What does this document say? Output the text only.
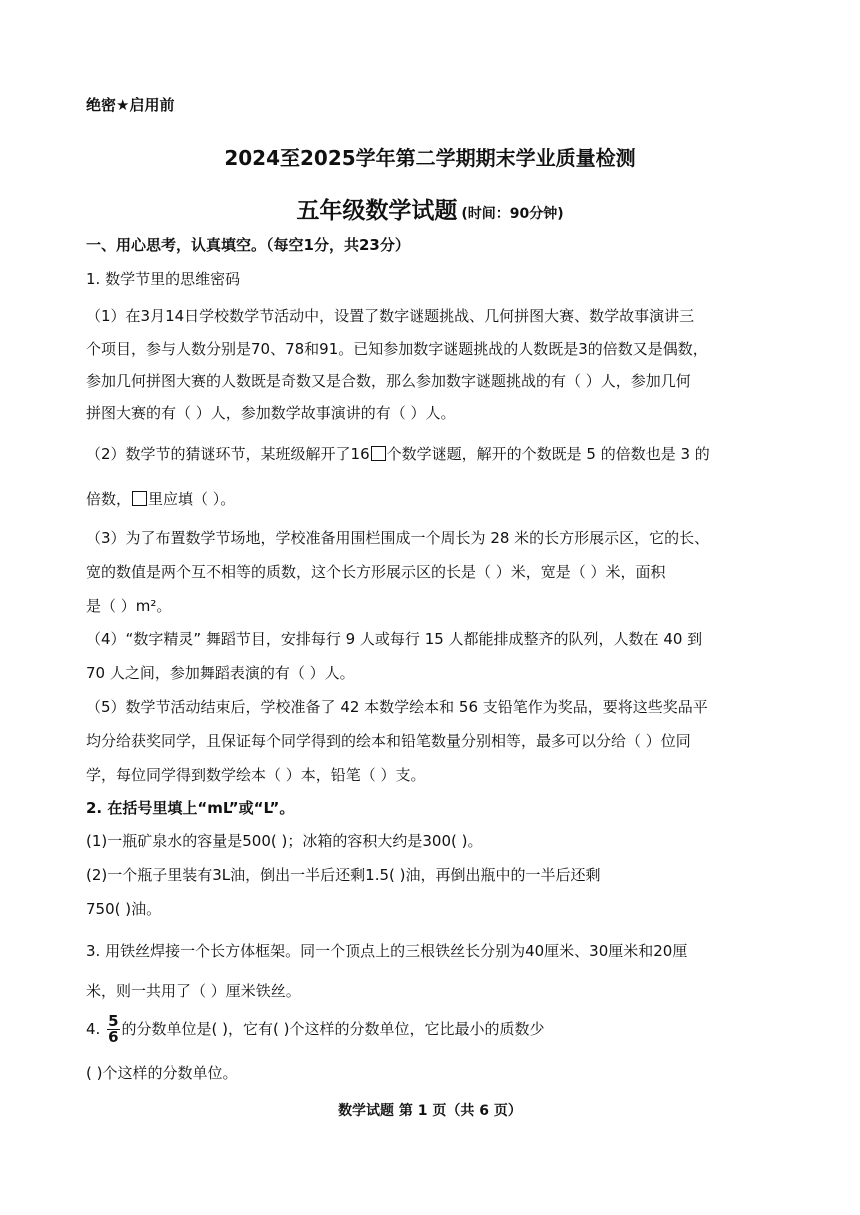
绝密★启用前
2024至2025学年第二学期期末学业质量检测
五年级数学试题 (时间：90分钟)
一、用心思考，认真填空。（每空1分，共23分）
1. 数学节里的思维密码
（1）在3月14日学校数学节活动中，设置了数字谜题挑战、几何拼图大赛、数学故事演讲三
个项目，参与人数分别是70、78和91。已知参加数字谜题挑战的人数既是3的倍数又是偶数，
参加几何拼图大赛的人数既是奇数又是合数，那么参加数字谜题挑战的有（ ）人，参加几何
拼图大赛的有（ ）人，参加数学故事演讲的有（ ）人。
（2）数学节的猜谜环节，某班级解开了16 个数学谜题，解开的个数既是 5 的倍数也是 3 的
倍数， 里应填（ ）。
（3）为了布置数学节场地，学校准备用围栏围成一个周长为 28 米的长方形展示区，它的长、
宽的数值是两个互不相等的质数，这个长方形展示区的长是（ ）米，宽是（ ）米，面积
是（ ）m²。
（4）“数字精灵” 舞蹈节目，安排每行 9 人或每行 15 人都能排成整齐的队列，人数在 40 到
70 人之间，参加舞蹈表演的有（ ）人。
（5）数学节活动结束后，学校准备了 42 本数学绘本和 56 支铅笔作为奖品，要将这些奖品平
均分给获奖同学，且保证每个同学得到的绘本和铅笔数量分别相等，最多可以分给（ ）位同
学，每位同学得到数学绘本（ ）本，铅笔（ ）支。
2. 在括号里填上“mL”或“L”。
(1)一瓶矿泉水的容量是500( )；冰箱的容积大约是300( )。
(2)一个瓶子里装有3L油，倒出一半后还剩1.5( )油，再倒出瓶中的一半后还剩
750( )油。
3. 用铁丝焊接一个长方体框架。同一个顶点上的三根铁丝长分别为40厘米、30厘米和20厘
米，则一共用了（ ）厘米铁丝。
4. $\frac{5}{6}$ 的分数单位是( )，它有( )个这样的分数单位，它比最小的质数少
( )个这样的分数单位。
数学试题 第 1 页（共 6 页）
